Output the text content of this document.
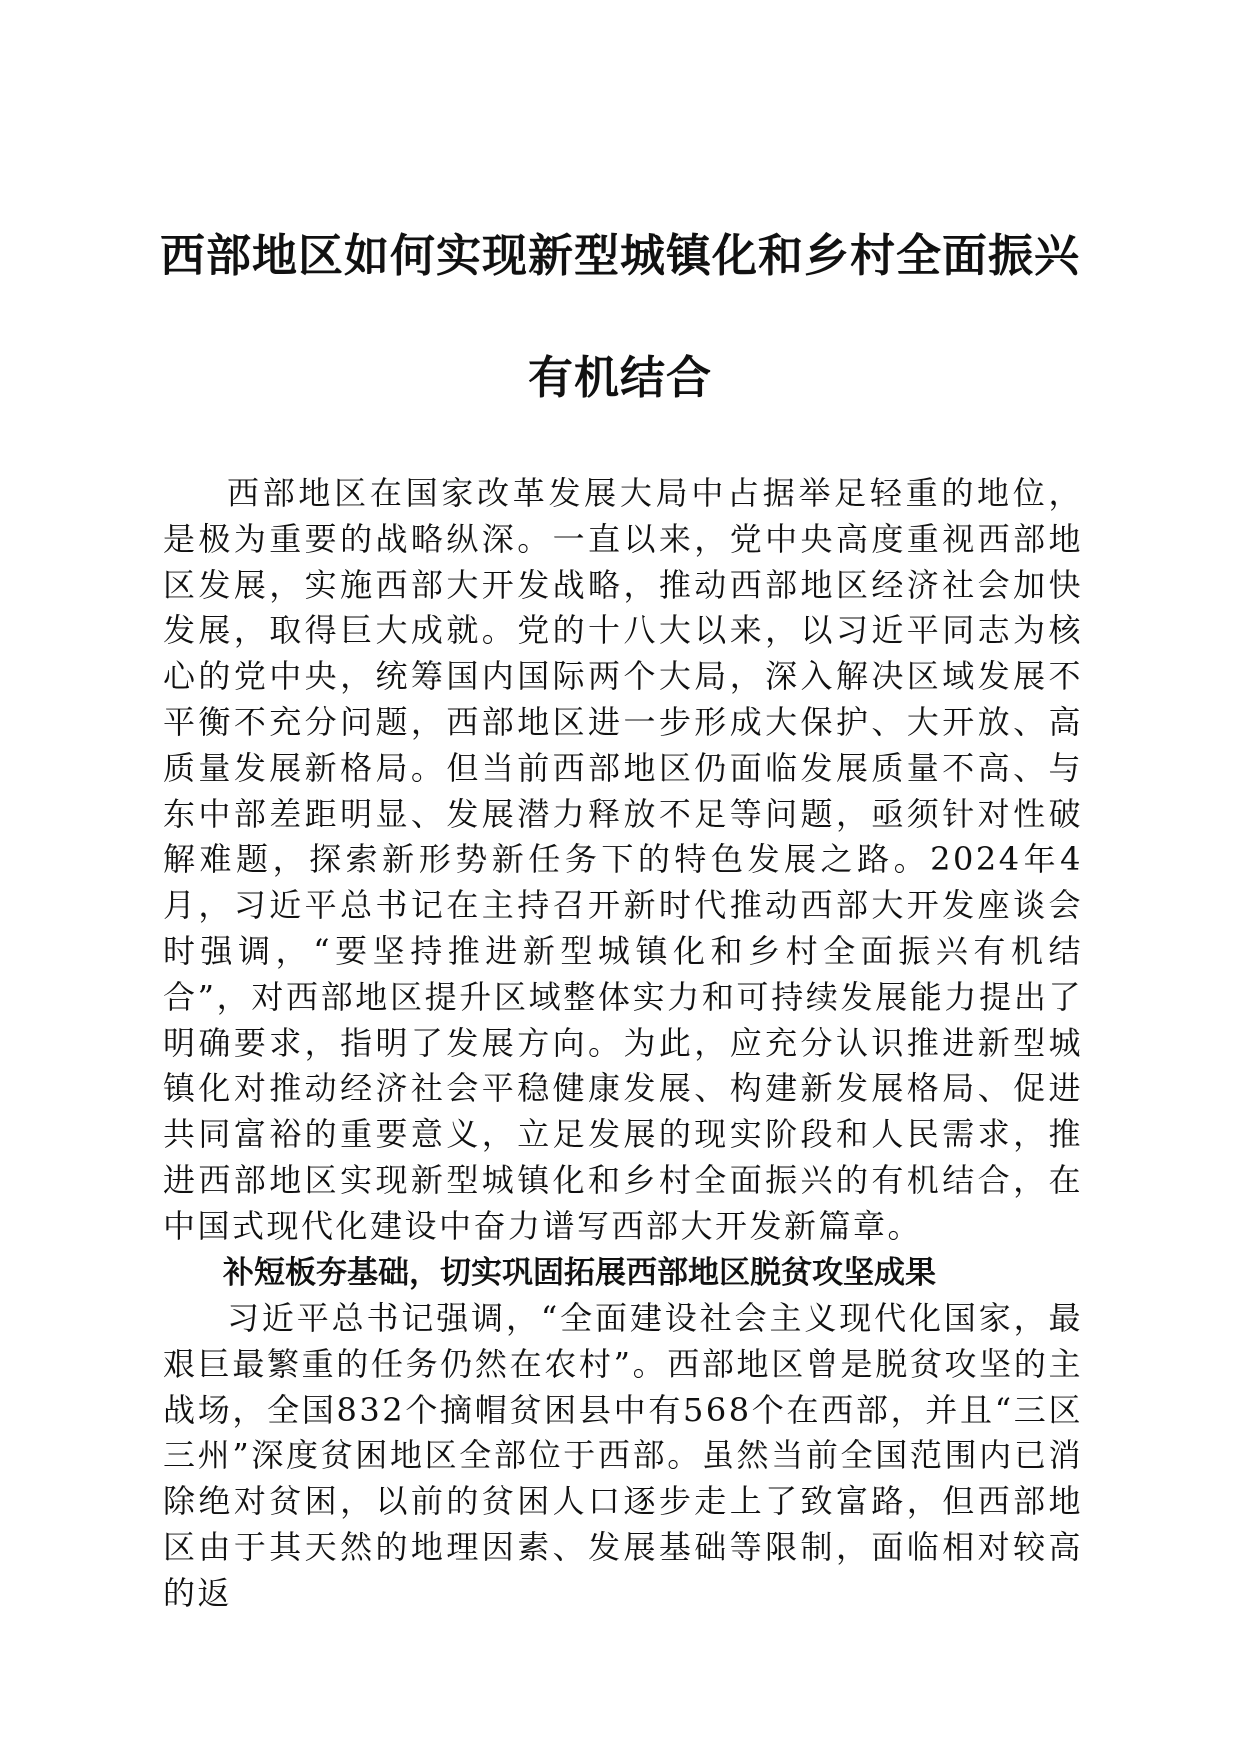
西部地区如何实现新型城镇化和乡村全面振兴
有机结合

西部地区在国家改革发展大局中占据举足轻重的地位，是极为重要的战略纵深。一直以来，党中央高度重视西部地区发展，实施西部大开发战略，推动西部地区经济社会加快发展，取得巨大成就。党的十八大以来，以习近平同志为核心的党中央，统筹国内国际两个大局，深入解决区域发展不平衡不充分问题，西部地区进一步形成大保护、大开放、高质量发展新格局。但当前西部地区仍面临发展质量不高、与东中部差距明显、发展潜力释放不足等问题，亟须针对性破解难题，探索新形势新任务下的特色发展之路。2024年4月，习近平总书记在主持召开新时代推动西部大开发座谈会时强调，“要坚持推进新型城镇化和乡村全面振兴有机结合”，对西部地区提升区域整体实力和可持续发展能力提出了明确要求，指明了发展方向。为此，应充分认识推进新型城镇化对推动经济社会平稳健康发展、构建新发展格局、促进共同富裕的重要意义，立足发展的现实阶段和人民需求，推进西部地区实现新型城镇化和乡村全面振兴的有机结合，在中国式现代化建设中奋力谱写西部大开发新篇章。

补短板夯基础，切实巩固拓展西部地区脱贫攻坚成果

习近平总书记强调，“全面建设社会主义现代化国家，最艰巨最繁重的任务仍然在农村”。西部地区曾是脱贫攻坚的主战场，全国832个摘帽贫困县中有568个在西部，并且“三区三州”深度贫困地区全部位于西部。虽然当前全国范围内已消除绝对贫困，以前的贫困人口逐步走上了致富路，但西部地区由于其天然的地理因素、发展基础等限制，面临相对较高的返
